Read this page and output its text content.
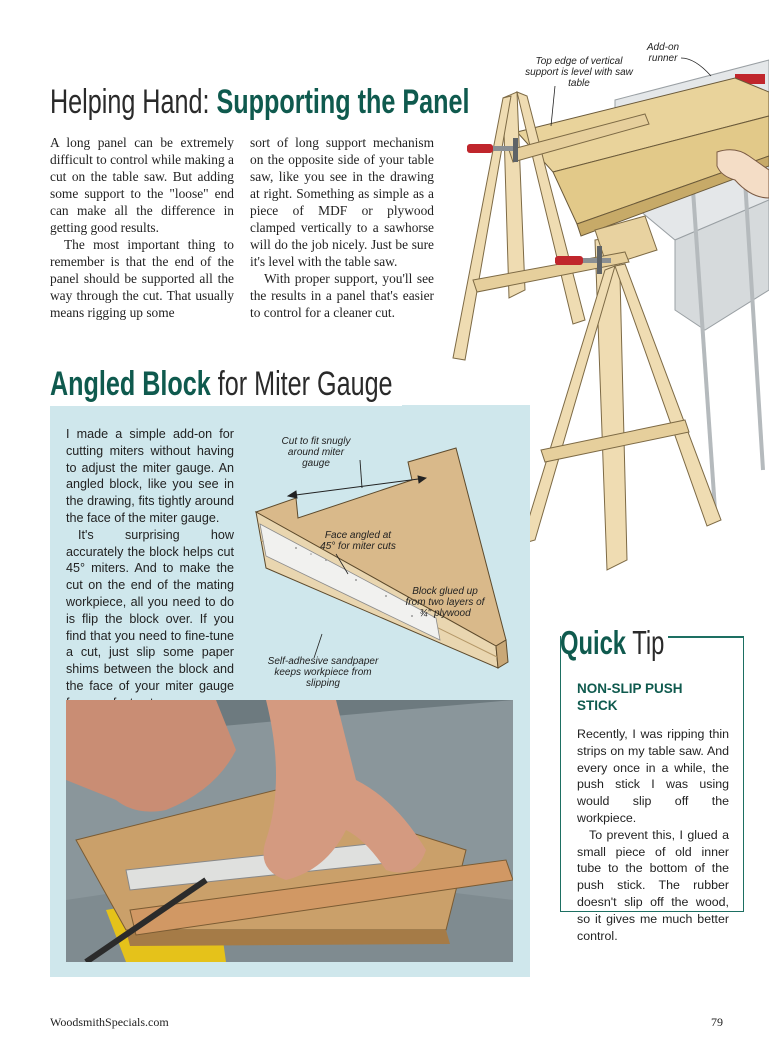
Helping Hand: Supporting the Panel

A long panel can be extremely difficult to control while making a cut on the table saw. But adding some support to the "loose" end can make all the difference in getting good results.

The most important thing to remember is that the end of the panel should be supported all the way through the cut. That usually means rigging up some

sort of long support mechanism on the opposite side of your table saw, like you see in the drawing at right. Something as simple as a piece of MDF or plywood clamped vertically to a sawhorse will do the job nicely. Just be sure it's level with the table saw.

With proper support, you'll see the results in a panel that's easier to control for a cleaner cut.

Top edge of vertical support is level with saw table
Add-on runner
Angled Block for Miter Gauge

I made a simple add-on for cutting miters without having to adjust the miter gauge. An angled block, like you see in the drawing, fits tightly around the face of the miter gauge.

It's surprising how accurately the block helps cut 45° miters. And to make the cut on the end of the mating workpiece, all you need to do is flip the block over. If you find that you need to fine-tune a cut, just slip some paper shims between the block and the face of your miter gauge

Cut to fit snugly around miter gauge
Face angled at 45° for miter cuts
Block glued up from two layers of ¾" plywood
Self-adhesive sandpaper keeps workpiece from slipping
Quick Tip
NON-SLIP PUSH STICK

Recently, I was ripping thin strips on my table saw. And every once in a while, the push stick I was using would slip off the workpiece.

To prevent this, I glued a small piece of old inner tube to the bottom of the push stick. The rubber doesn't slip off the wood, so it gives me much better control.

WoodsmithSpecials.com	79
